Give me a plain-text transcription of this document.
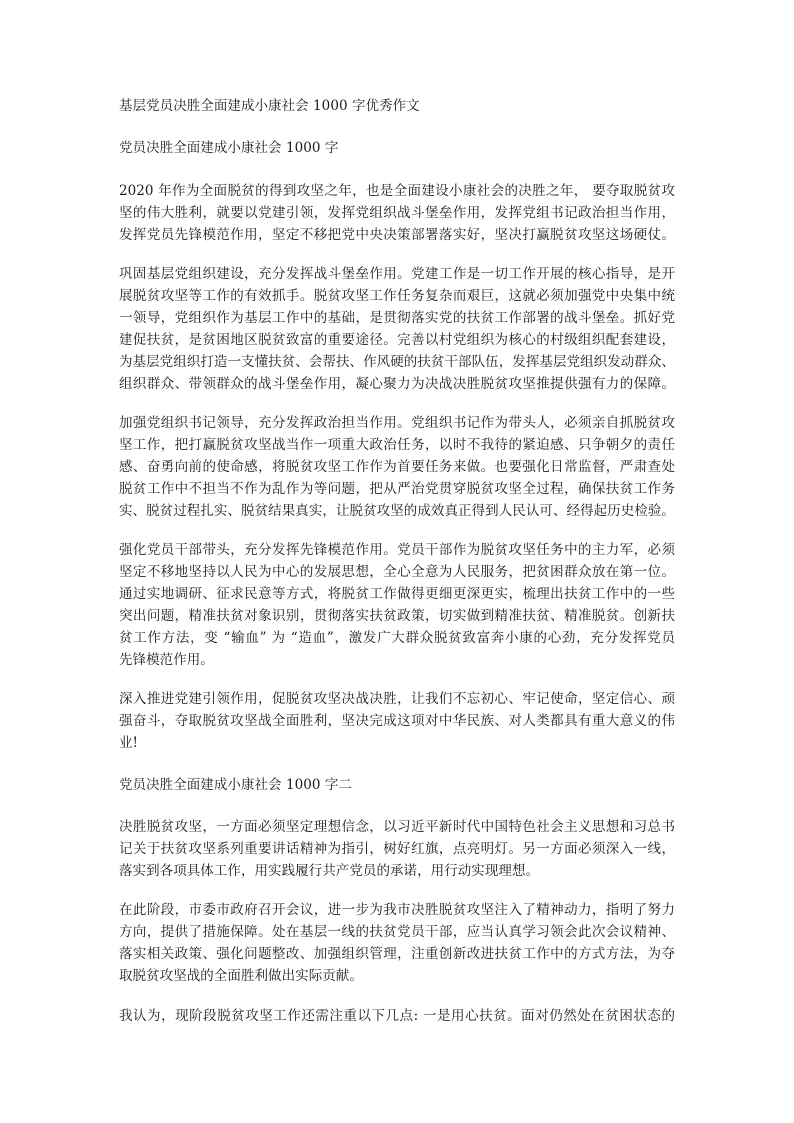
基层党员决胜全面建成小康社会 1000 字优秀作文
党员决胜全面建成小康社会 1000 字
2020 年作为全面脱贫的得到攻坚之年，也是全面建设小康社会的决胜之年， 要夺取脱贫攻
坚的伟大胜利，就要以党建引领，发挥党组织战斗堡垒作用，发挥党组书记政治担当作用，
发挥党员先锋模范作用，坚定不移把党中央决策部署落实好，坚决打赢脱贫攻坚这场硬仗。
巩固基层党组织建设，充分发挥战斗堡垒作用。党建工作是一切工作开展的核心指导，是开
展脱贫攻坚等工作的有效抓手。脱贫攻坚工作任务复杂而艰巨，这就必须加强党中央集中统
一领导，党组织作为基层工作中的基础，是贯彻落实党的扶贫工作部署的战斗堡垒。抓好党
建促扶贫，是贫困地区脱贫致富的重要途径。完善以村党组织为核心的村级组织配套建设，
为基层党组织打造一支懂扶贫、会帮扶、作风硬的扶贫干部队伍，发挥基层党组织发动群众、
组织群众、带领群众的战斗堡垒作用，凝心聚力为决战决胜脱贫攻坚推提供强有力的保障。
加强党组织书记领导，充分发挥政治担当作用。党组织书记作为带头人，必须亲自抓脱贫攻
坚工作，把打赢脱贫攻坚战当作一项重大政治任务，以时不我待的紧迫感、只争朝夕的责任
感、奋勇向前的使命感，将脱贫攻坚工作作为首要任务来做。也要强化日常监督，严肃查处
脱贫工作中不担当不作为乱作为等问题，把从严治党贯穿脱贫攻坚全过程，确保扶贫工作务
实、脱贫过程扎实、脱贫结果真实，让脱贫攻坚的成效真正得到人民认可、经得起历史检验。
强化党员干部带头，充分发挥先锋模范作用。党员干部作为脱贫攻坚任务中的主力军，必须
坚定不移地坚持以人民为中心的发展思想，全心全意为人民服务，把贫困群众放在第一位。
通过实地调研、征求民意等方式，将脱贫工作做得更细更深更实，梳理出扶贫工作中的一些
突出问题，精准扶贫对象识别，贯彻落实扶贫政策，切实做到精准扶贫、精准脱贫。创新扶
贫工作方法，变 “输血” 为 “造血”，激发广大群众脱贫致富奔小康的心劲，充分发挥党员
先锋模范作用。
深入推进党建引领作用，促脱贫攻坚决战决胜，让我们不忘初心、牢记使命，坚定信心、顽
强奋斗，夺取脱贫攻坚战全面胜利，坚决完成这项对中华民族、对人类都具有重大意义的伟
业!
党员决胜全面建成小康社会 1000 字二
决胜脱贫攻坚，一方面必须坚定理想信念，以习近平新时代中国特色社会主义思想和习总书
记关于扶贫攻坚系列重要讲话精神为指引，树好红旗，点亮明灯。另一方面必须深入一线，
落实到各项具体工作，用实践履行共产党员的承诺，用行动实现理想。
在此阶段，市委市政府召开会议，进一步为我市决胜脱贫攻坚注入了精神动力，指明了努力
方向，提供了措施保障。处在基层一线的扶贫党员干部，应当认真学习领会此次会议精神、
落实相关政策、强化问题整改、加强组织管理，注重创新改进扶贫工作中的方式方法，为夺
取脱贫攻坚战的全面胜利做出实际贡献。
我认为，现阶段脱贫攻坚工作还需注重以下几点: 一是用心扶贫。面对仍然处在贫困状态的
